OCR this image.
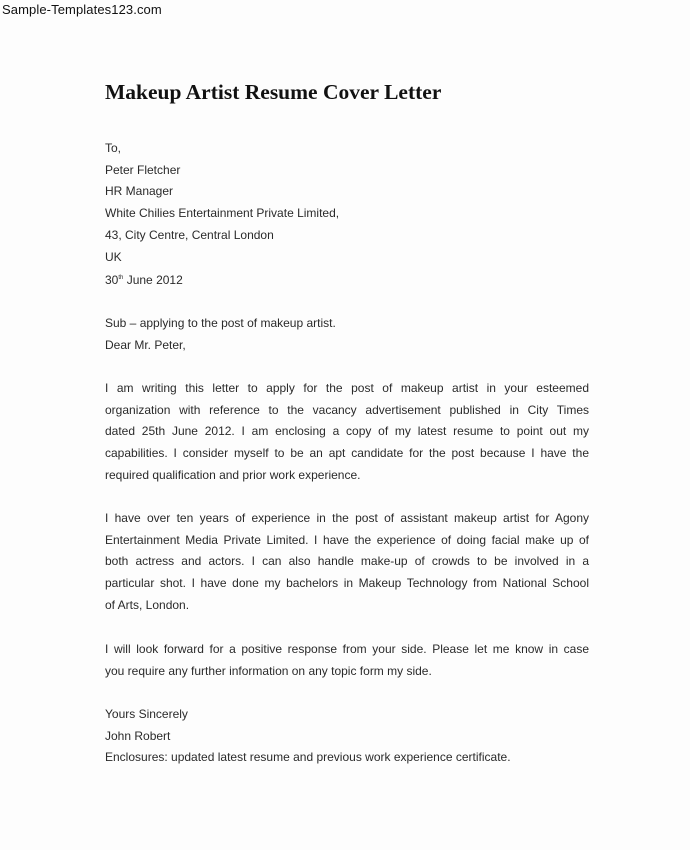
Sample-Templates123.com
Makeup Artist Resume Cover Letter
To,
Peter Fletcher
HR Manager
White Chilies Entertainment Private Limited,
43, City Centre, Central London
UK
30th June 2012
Sub – applying to the post of makeup artist.
Dear Mr. Peter,
I am writing this letter to apply for the post of makeup artist in your esteemed
organization with reference to the vacancy advertisement published in City Times
dated 25th June 2012. I am enclosing a copy of my latest resume to point out my
capabilities. I consider myself to be an apt candidate for the post because I have the
required qualification and prior work experience.
I have over ten years of experience in the post of assistant makeup artist for Agony
Entertainment Media Private Limited. I have the experience of doing facial make up of
both actress and actors. I can also handle make-up of crowds to be involved in a
particular shot. I have done my bachelors in Makeup Technology from National School
of Arts, London.
I will look forward for a positive response from your side. Please let me know in case
you require any further information on any topic form my side.
Yours Sincerely
John Robert
Enclosures: updated latest resume and previous work experience certificate.
